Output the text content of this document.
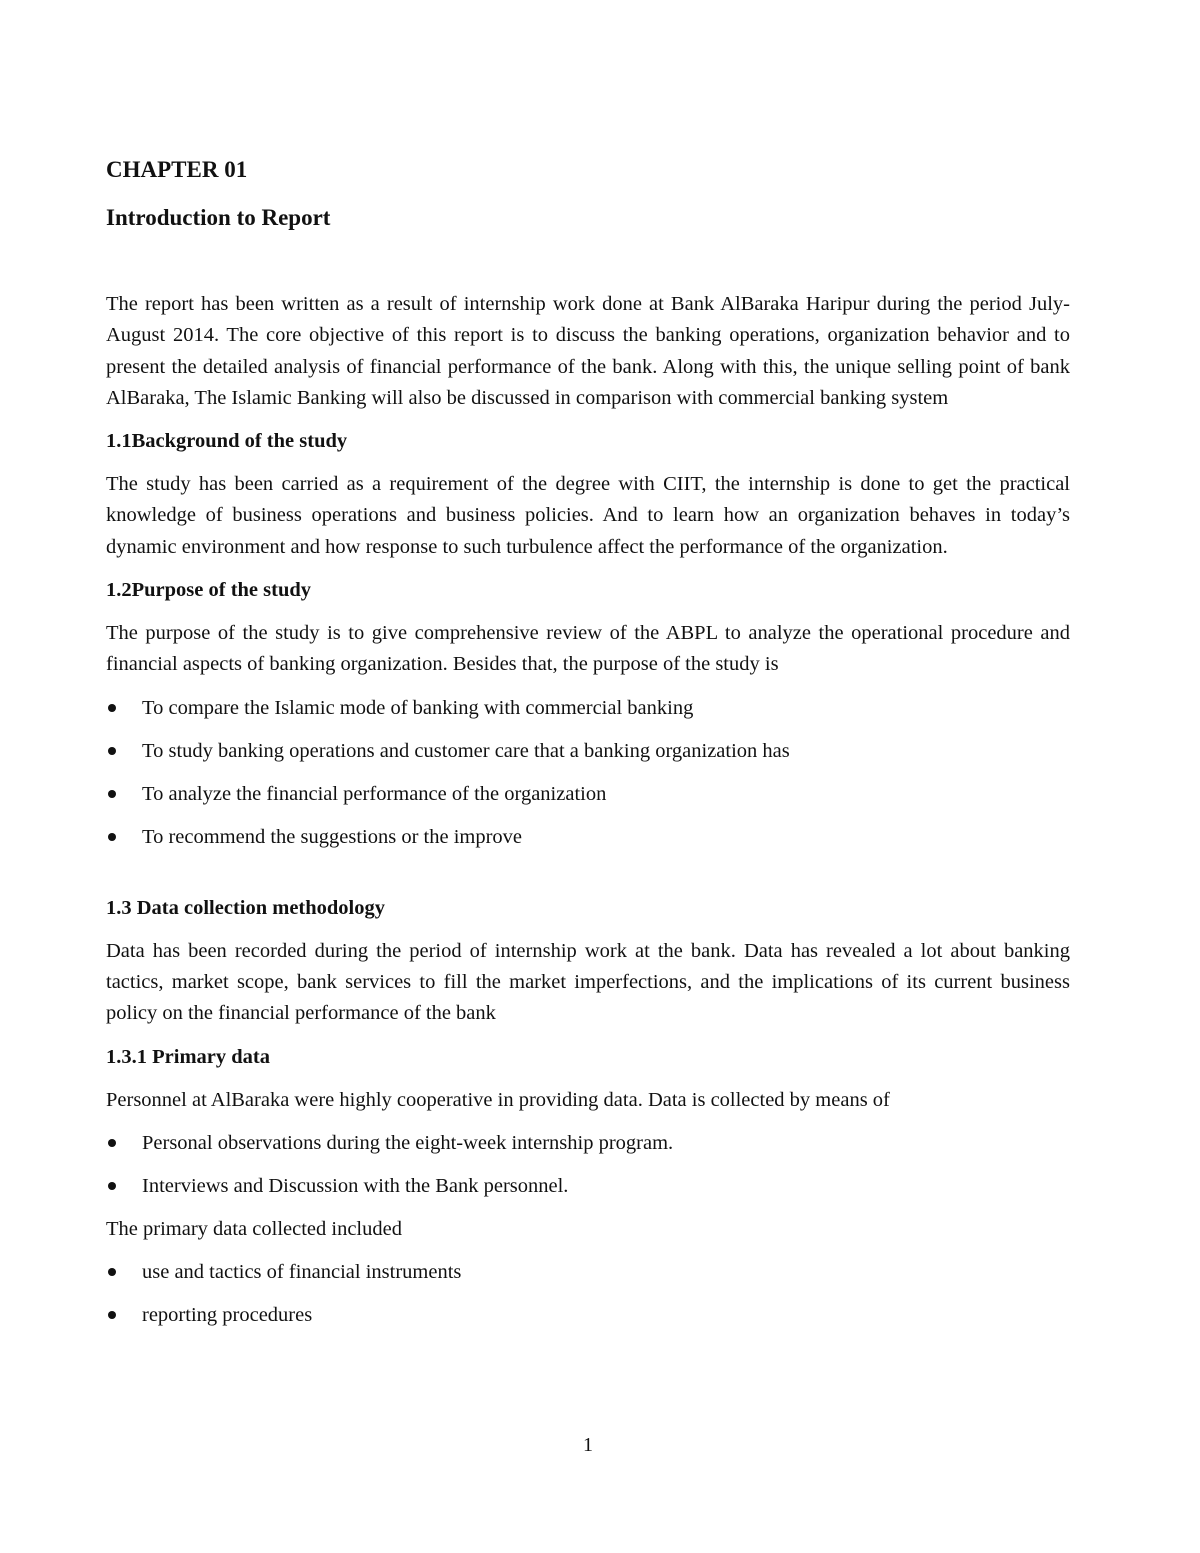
CHAPTER 01
Introduction to Report

The report has been written as a result of internship work done at Bank AlBaraka Haripur during the period July-August 2014. The core objective of this report is to discuss the banking operations, organization behavior and to present the detailed analysis of financial performance of the bank. Along with this, the unique selling point of bank AlBaraka, The Islamic Banking will also be discussed in comparison with commercial banking system

1.1Background of the study

The study has been carried as a requirement of the degree with CIIT, the internship is done to get the practical knowledge of business operations and business policies. And to learn how an organization behaves in today’s dynamic environment and how response to such turbulence affect the performance of the organization.

1.2Purpose of the study

The purpose of the study is to give comprehensive review of the ABPL to analyze the operational procedure and financial aspects of banking organization. Besides that, the purpose of the study is

To compare the Islamic mode of banking with commercial banking
To study banking operations and customer care that a banking organization has
To analyze the financial performance of the organization
To recommend the suggestions or the improve
1.3 Data collection methodology

Data has been recorded during the period of internship work at the bank. Data has revealed a lot about banking tactics, market scope, bank services to fill the market imperfections, and the implications of its current business policy on the financial performance of the bank

1.3.1 Primary data

Personnel at AlBaraka were highly cooperative in providing data. Data is collected by means of

Personal observations during the eight-week internship program.
Interviews and Discussion with the Bank personnel.

The primary data collected included

use and tactics of financial instruments
reporting procedures

1
